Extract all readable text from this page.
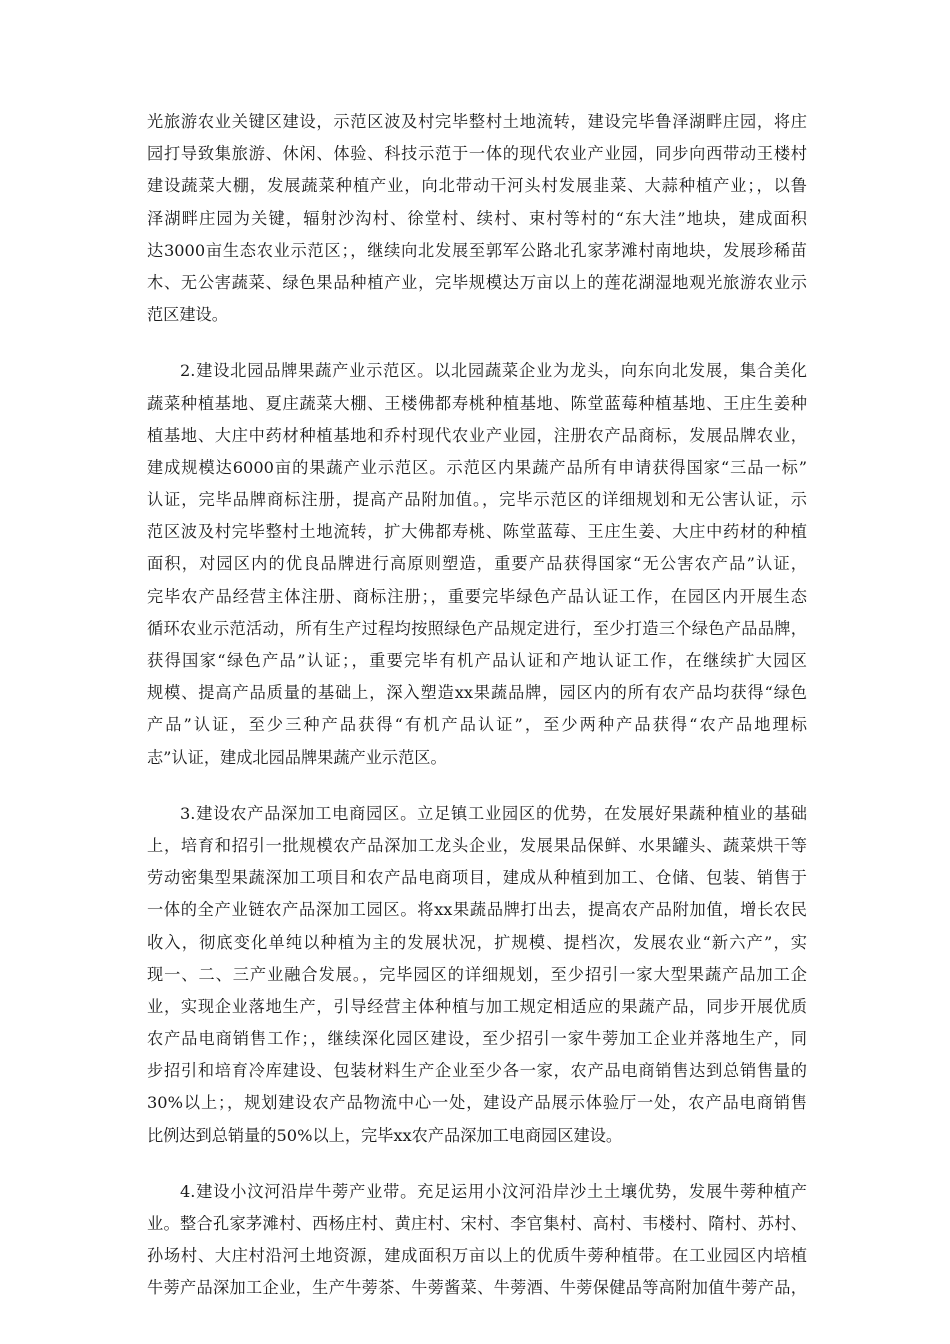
光旅游农业关键区建设，示范区波及村完毕整村土地流转，建设完毕鲁泽湖畔庄园，将庄
园打导致集旅游、休闲、体验、科技示范于一体的现代农业产业园，同步向西带动王楼村
建设蔬菜大棚，发展蔬菜种植产业，向北带动干河头村发展韭菜、大蒜种植产业；，以鲁
泽湖畔庄园为关键，辐射沙沟村、徐堂村、续村、束村等村的“东大洼”地块，建成面积
达3000亩生态农业示范区；，继续向北发展至郭军公路北孔家茅滩村南地块，发展珍稀苗
木、无公害蔬菜、绿色果品种植产业，完毕规模达万亩以上的莲花湖湿地观光旅游农业示
范区建设。
2.建设北园品牌果蔬产业示范区。以北园蔬菜企业为龙头，向东向北发展，集合美化
蔬菜种植基地、夏庄蔬菜大棚、王楼佛都寿桃种植基地、陈堂蓝莓种植基地、王庄生姜种
植基地、大庄中药材种植基地和乔村现代农业产业园，注册农产品商标，发展品牌农业，
建成规模达6000亩的果蔬产业示范区。示范区内果蔬产品所有申请获得国家“三品一标”
认证，完毕品牌商标注册，提高产品附加值。，完毕示范区的详细规划和无公害认证，示
范区波及村完毕整村土地流转，扩大佛都寿桃、陈堂蓝莓、王庄生姜、大庄中药材的种植
面积，对园区内的优良品牌进行高原则塑造，重要产品获得国家“无公害农产品”认证，
完毕农产品经营主体注册、商标注册；，重要完毕绿色产品认证工作，在园区内开展生态
循环农业示范活动，所有生产过程均按照绿色产品规定进行，至少打造三个绿色产品品牌，
获得国家“绿色产品”认证；，重要完毕有机产品认证和产地认证工作，在继续扩大园区
规模、提高产品质量的基础上，深入塑造xx果蔬品牌，园区内的所有农产品均获得“绿色
产品”认证，至少三种产品获得“有机产品认证”，至少两种产品获得“农产品地理标
志”认证，建成北园品牌果蔬产业示范区。
3.建设农产品深加工电商园区。立足镇工业园区的优势，在发展好果蔬种植业的基础
上，培育和招引一批规模农产品深加工龙头企业，发展果品保鲜、水果罐头、蔬菜烘干等
劳动密集型果蔬深加工项目和农产品电商项目，建成从种植到加工、仓储、包装、销售于
一体的全产业链农产品深加工园区。将xx果蔬品牌打出去，提高农产品附加值，增长农民
收入，彻底变化单纯以种植为主的发展状况，扩规模、提档次，发展农业“新六产”，实
现一、二、三产业融合发展。，完毕园区的详细规划，至少招引一家大型果蔬产品加工企
业，实现企业落地生产，引导经营主体种植与加工规定相适应的果蔬产品，同步开展优质
农产品电商销售工作；，继续深化园区建设，至少招引一家牛蒡加工企业并落地生产，同
步招引和培育冷库建设、包装材料生产企业至少各一家，农产品电商销售达到总销售量的
30%以上；，规划建设农产品物流中心一处，建设产品展示体验厅一处，农产品电商销售
比例达到总销量的50%以上，完毕xx农产品深加工电商园区建设。
4.建设小汶河沿岸牛蒡产业带。充足运用小汶河沿岸沙土土壤优势，发展牛蒡种植产
业。整合孔家茅滩村、西杨庄村、黄庄村、宋村、李官集村、高村、韦楼村、隋村、苏村、
孙场村、大庄村沿河土地资源，建成面积万亩以上的优质牛蒡种植带。在工业园区内培植
牛蒡产品深加工企业，生产牛蒡茶、牛蒡酱菜、牛蒡酒、牛蒡保健品等高附加值牛蒡产品，
